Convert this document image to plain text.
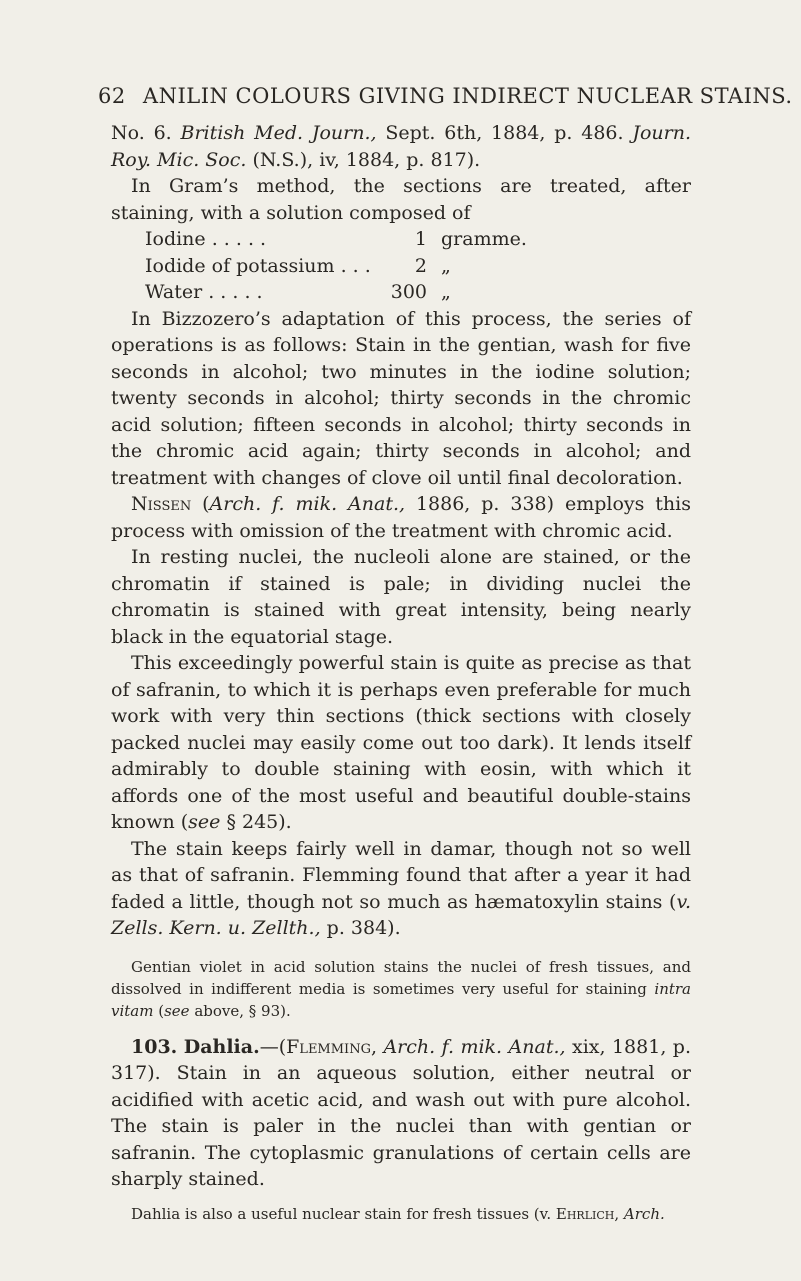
62 ANILIN COLOURS GIVING INDIRECT NUCLEAR STAINS.

No. 6. British Med. Journ., Sept. 6th, 1884, p. 486. Journ. Roy. Mic. Soc. (N.S.), iv, 1884, p. 817).

In Gram’s method, the sections are treated, after staining, with a solution composed of

Iodine . . . . .	1 gramme.
Iodide of potassium . . .	2 „
Water . . . . .	300 „

In Bizzozero’s adaptation of this process, the series of operations is as follows: Stain in the gentian, wash for five seconds in alcohol; two minutes in the iodine solution; twenty seconds in alcohol; thirty seconds in the chromic acid solution; fifteen seconds in alcohol; thirty seconds in the chromic acid again; thirty seconds in alcohol; and treatment with changes of clove oil until final decoloration.

Nissen (Arch. f. mik. Anat., 1886, p. 338) employs this process with omission of the treatment with chromic acid.

In resting nuclei, the nucleoli alone are stained, or the chromatin if stained is pale; in dividing nuclei the chromatin is stained with great intensity, being nearly black in the equatorial stage.

This exceedingly powerful stain is quite as precise as that of safranin, to which it is perhaps even preferable for much work with very thin sections (thick sections with closely packed nuclei may easily come out too dark). It lends itself admirably to double staining with eosin, with which it affords one of the most useful and beautiful double-stains known (see § 245).

The stain keeps fairly well in damar, though not so well as that of safranin. Flemming found that after a year it had faded a little, though not so much as hæmatoxylin stains (v. Zells. Kern. u. Zellth., p. 384).

Gentian violet in acid solution stains the nuclei of fresh tissues, and dissolved in indifferent media is sometimes very useful for staining intra vitam (see above, § 93).

103. Dahlia.—(Flemming, Arch. f. mik. Anat., xix, 1881, p. 317). Stain in an aqueous solution, either neutral or acidified with acetic acid, and wash out with pure alcohol. The stain is paler in the nuclei than with gentian or safranin. The cytoplasmic granulations of certain cells are sharply stained.

Dahlia is also a useful nuclear stain for fresh tissues (v. Ehrlich, Arch.
